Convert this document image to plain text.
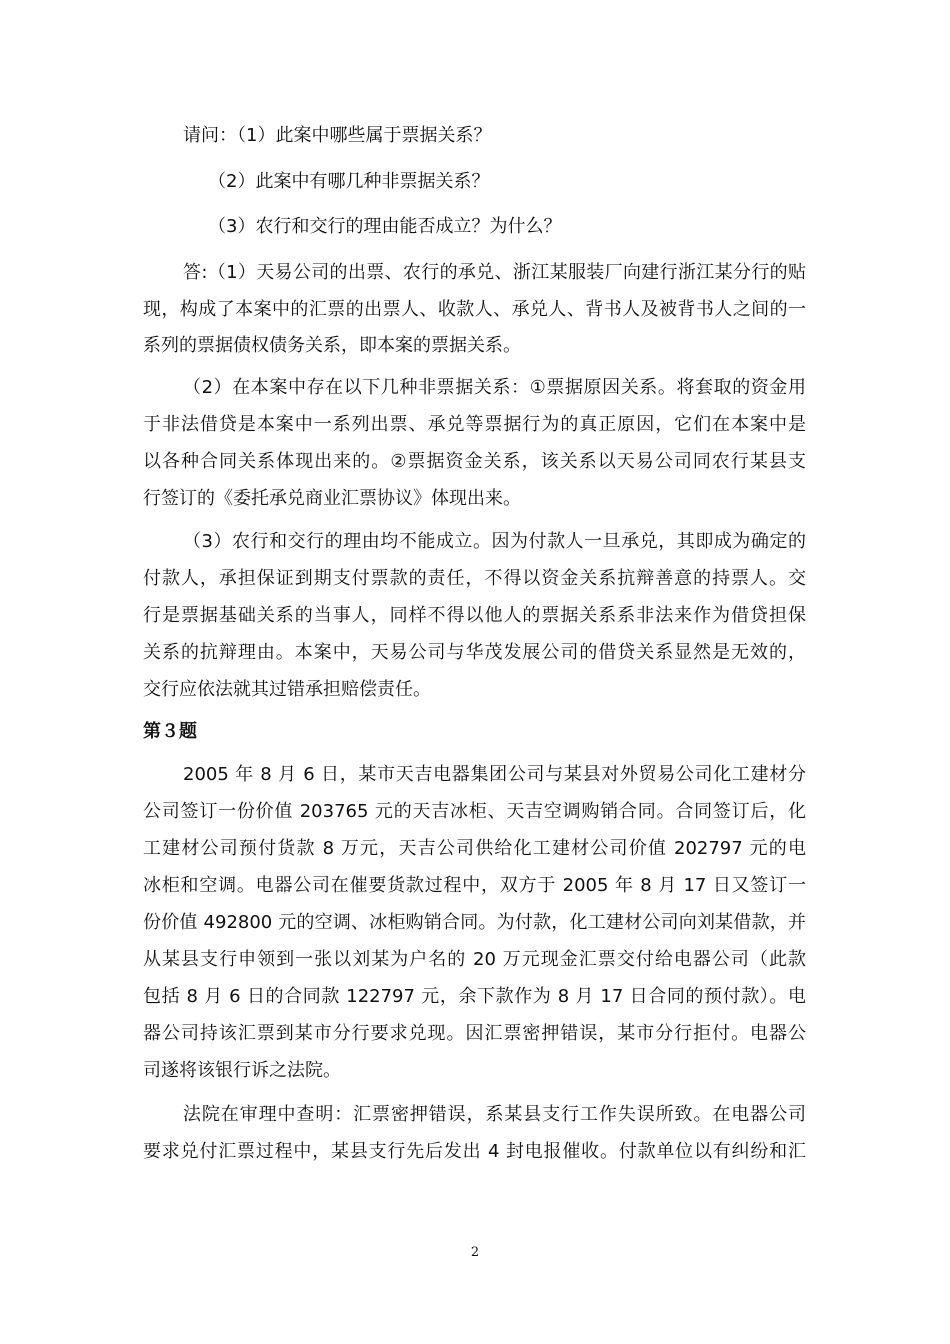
请问：（1）此案中哪些属于票据关系？
（2）此案中有哪几种非票据关系？
（3）农行和交行的理由能否成立？为什么？
答:（1）天易公司的出票、农行的承兑、浙江某服装厂向建行浙江某分行的贴
现，构成了本案中的汇票的出票人、收款人、承兑人、背书人及被背书人之间的一
系列的票据债权债务关系，即本案的票据关系。
（2）在本案中存在以下几种非票据关系：①票据原因关系。将套取的资金用
于非法借贷是本案中一系列出票、承兑等票据行为的真正原因，它们在本案中是
以各种合同关系体现出来的。②票据资金关系，该关系以天易公司同农行某县支
行签订的《委托承兑商业汇票协议》体现出来。
（3）农行和交行的理由均不能成立。因为付款人一旦承兑，其即成为确定的
付款人，承担保证到期支付票款的责任，不得以资金关系抗辩善意的持票人。交
行是票据基础关系的当事人，同样不得以他人的票据关系系非法来作为借贷担保
关系的抗辩理由。本案中，天易公司与华茂发展公司的借贷关系显然是无效的，
交行应依法就其过错承担赔偿责任。
第３题
2005 年 8 月 6 日，某市天吉电器集团公司与某县对外贸易公司化工建材分
公司签订一份价值 203765 元的天吉冰柜、天吉空调购销合同。合同签订后，化
工建材公司预付货款 8 万元，天吉公司供给化工建材公司价值 202797 元的电
冰柜和空调。电器公司在催要货款过程中，双方于 2005 年 8 月 17 日又签订一
份价值 492800 元的空调、冰柜购销合同。为付款，化工建材公司向刘某借款，并
从某县支行申领到一张以刘某为户名的 20 万元现金汇票交付给电器公司（此款
包括 8 月 6 日的合同款 122797 元，余下款作为 8 月 17 日合同的预付款）。电
器公司持该汇票到某市分行要求兑现。因汇票密押错误，某市分行拒付。电器公
司遂将该银行诉之法院。
法院在审理中查明：汇票密押错误，系某县支行工作失误所致。在电器公司
要求兑付汇票过程中，某县支行先后发出 4 封电报催收。付款单位以有纠纷和汇
2
